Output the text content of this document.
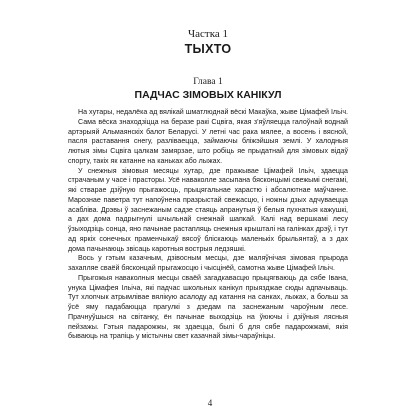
Частка 1

ТЫХТО

Глава 1

ПАДЧАС ЗІМОВЫХ КАНІКУЛ

На хутары, недалёка ад вялікай шматлюднай вёскі Макаўка, жыве Цімафей Ільіч.

Сама вёска знаходзіцца на беразе ракі Сцвіга, якая з'яўляецца галоўнай воднай артэрыяй Альмаянскіх балот Беларусі. У летні час рака мялее, а восень і вясной, пасля раставання снегу, разліваецца, займаючы бліжэйшыя землі. У халодныя лютыя зімы Сцвіга цалкам замярзае, што робіць яе прыдатнай для зімовых відаў спорту, такіх як катанне на каньках або лыжах.

У снежныя зімовыя месяцы хутар, дзе пражывае Цімафей Ільіч, здаецца страчаным у часе і прасторы. Усё наваколле засыпана бясконцымі свежымі снегамі, які стварае дзіўную прыгажосць, прыцягальнае харастю і абсалютнае маўчанне. Марознае паветра тут напоўнена празрыстай свежасцю, і ножны дзых адчуваецца асабліва. Дрэвы ў заснежаным садзе стаяць апранутыя ў белыя пухнатыя кажушкі, а дах дома падрыгнулі шчыльнай снежнай шапкай. Калі над вершкамі лесу ўзыходзіць сонца, яно пачынае растапляць снежныя крышталі на галінках дрэў, і тут ад яркіх сонечных праменчыкаў вясоў бліскаюць маленькіх брыльянтаў, а з дах дома пачынаюць звісаць каротныя вострыя ледзяшкі.

Вось у гэтым казачным, дзівосным месцы, дзе маляўнічая зімовая прырода захапляе сваёй бясконцай прыгажосцю і чысцінёй, самотна жыве Цімафей Ільіч.

Прыгожыя наваколныя месцы сваёй загадкавасцю прыцягваюць да сябе Івана, унука Цімафея Ільіча, які падчас школьных канікул прыязджае сюды адпачываць. Тут хлопчык атрымлівае вялікую асалоду ад катання на санках, лыжах, а больш за ўсё яму падабаюцца прагулкі з дзедам па заснежаным чароўным лесе. Прачнуўшыся на світанку, ён пачынае выходзіць на ўюючы і дзіўныя лясныя пейзажы. Гэтыя падарожжы, як здаецца, былі б для сябе падарожжамі, якія бываюць на трапіць у містычны свет казачнай зімы-чараўніцы.

4
